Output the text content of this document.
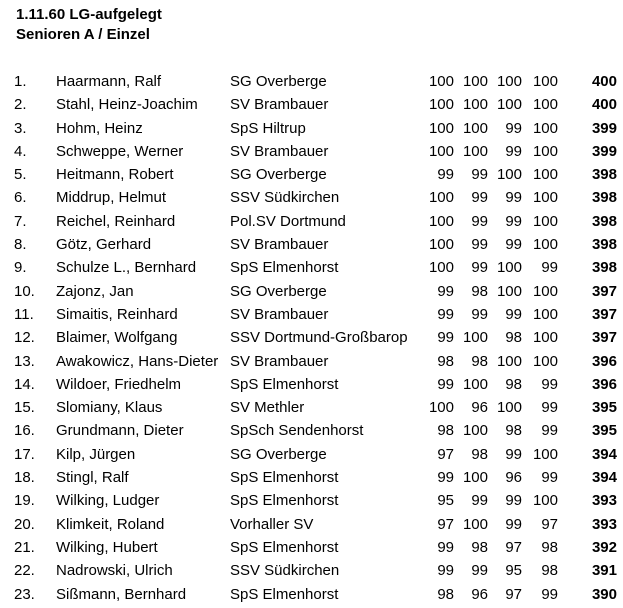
1.11.60 LG-aufgelegt
Senioren A / Einzel
1.	Haarmann, Ralf	SG Overberge	100 100 100 100	400
2.	Stahl, Heinz-Joachim	SV Brambauer	100 100 100 100	400
3.	Hohm, Heinz	SpS Hiltrup	100 100	99 100	399
4.	Schweppe, Werner	SV Brambauer	100 100	99 100	399
5.	Heitmann, Robert	SG Overberge	99	99 100 100	398
6.	Middrup, Helmut	SSV Südkirchen	100	99	99 100	398
7.	Reichel, Reinhard	Pol.SV Dortmund	100	99	99 100	398
8.	Götz, Gerhard	SV Brambauer	100	99	99 100	398
9.	Schulze L., Bernhard	SpS Elmenhorst	100	99 100	99	398
10.	Zajonz, Jan	SG Overberge	99	98 100 100	397
11.	Simaitis, Reinhard	SV Brambauer	99	99	99 100	397
12.	Blaimer, Wolfgang	SSV Dortmund-Großbarop	99 100	98 100	397
13.	Awakowicz, Hans-Dieter SV Brambauer	98	98 100 100	396
14.	Wildoer, Friedhelm	SpS Elmenhorst	99 100	98	99	396
15.	Slomiany, Klaus	SV Methler	100	96 100	99	395
16.	Grundmann, Dieter	SpSch Sendenhorst	98 100	98	99	395
17.	Kilp, Jürgen	SG Overberge	97	98	99 100	394
18.	Stingl, Ralf	SpS Elmenhorst	99 100	96	99	394
19.	Wilking, Ludger	SpS Elmenhorst	95	99	99 100	393
20.	Klimkeit, Roland	Vorhaller SV	97 100	99	97	393
21.	Wilking, Hubert	SpS Elmenhorst	99	98	97	98	392
22.	Nadrowski, Ulrich	SSV Südkirchen	99	99	95	98	391
23.	Sißmann, Bernhard	SpS Elmenhorst	98	96	97	99	390
